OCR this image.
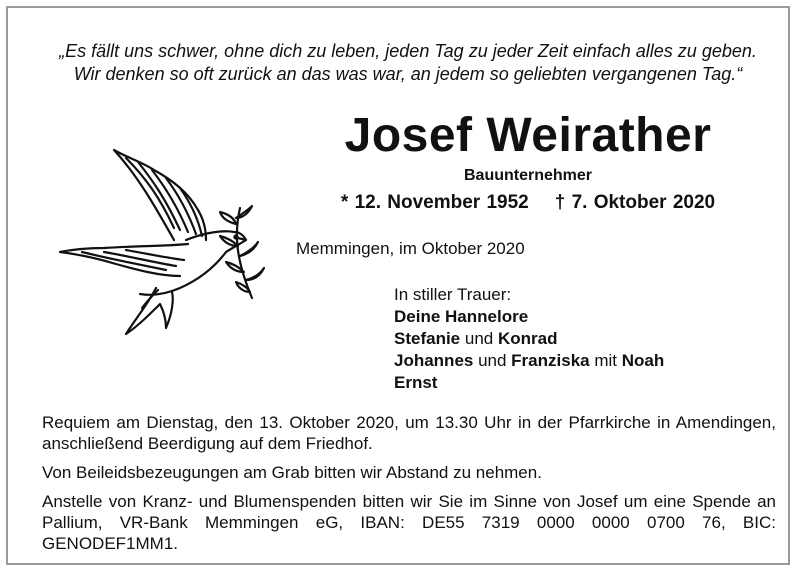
„Es fällt uns schwer, ohne dich zu leben, jeden Tag zu jeder Zeit einfach alles zu geben.
Wir denken so oft zurück an das was war, an jedem so geliebten vergangenen Tag.“
Josef Weirather
Bauunternehmer
* 12. November 1952 † 7. Oktober 2020
Memmingen, im Oktober 2020
In stiller Trauer:
Deine Hannelore
Stefanie und Konrad
Johannes und Franziska mit Noah
Ernst

Requiem am Dienstag, den 13. Oktober 2020, um 13.30 Uhr in der Pfarrkirche in Amendingen, anschließend Beerdigung auf dem Friedhof.

Von Beileidsbezeugungen am Grab bitten wir Abstand zu nehmen.

Anstelle von Kranz- und Blumenspenden bitten wir Sie im Sinne von Josef um eine Spende an Pallium, VR-Bank Memmingen eG, IBAN: DE55 7319 0000 0000 0700 76, BIC: GENODEF1MM1.
